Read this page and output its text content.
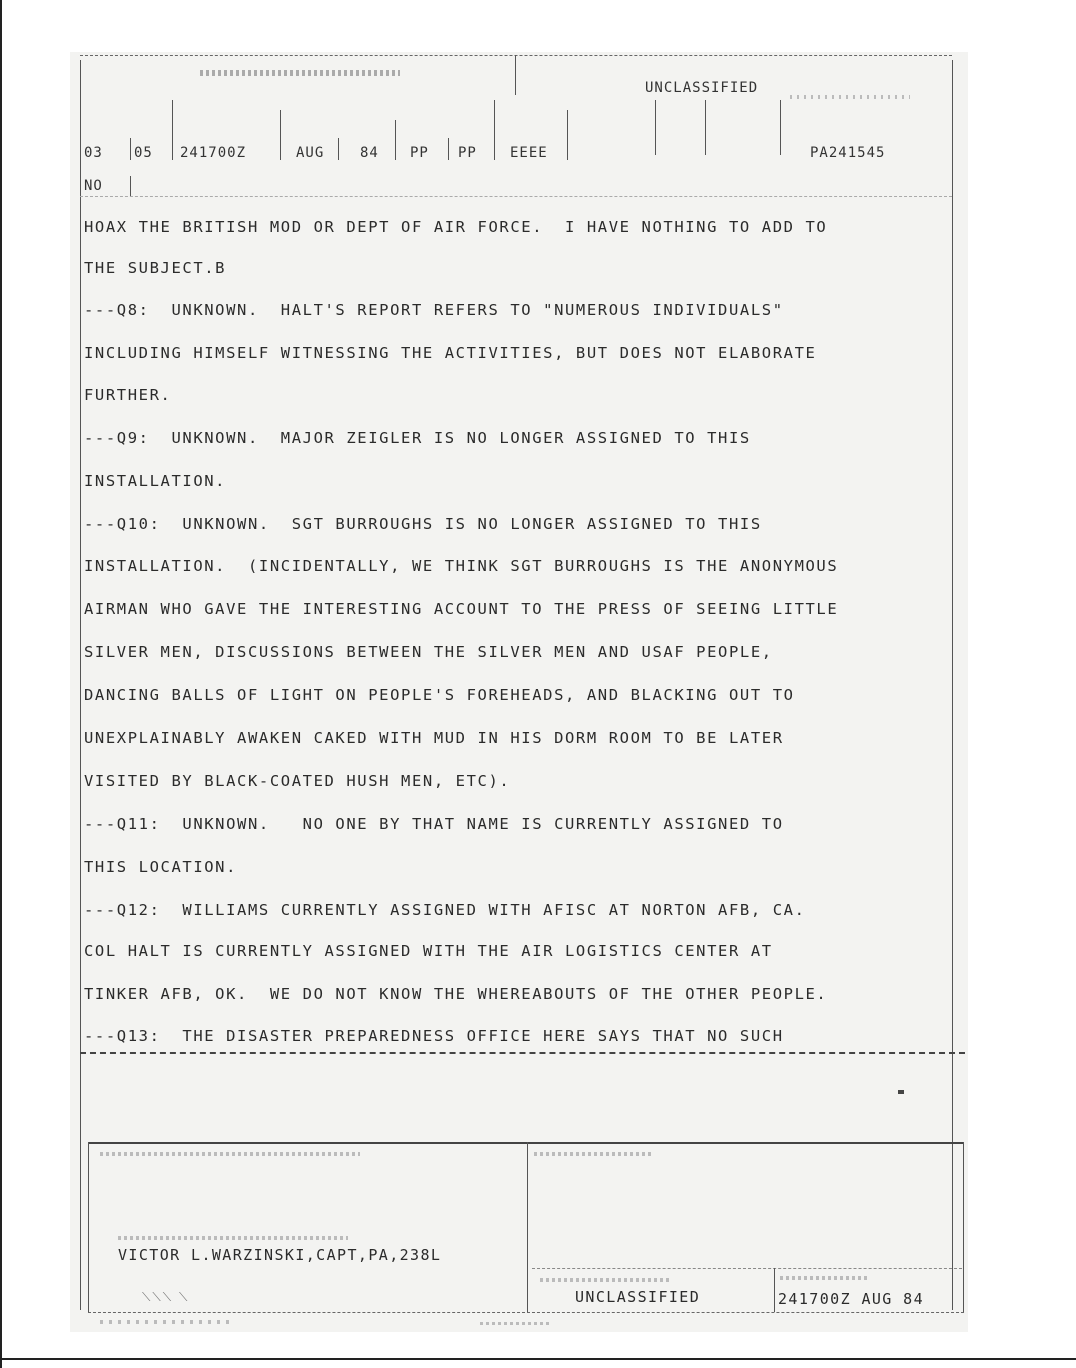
UNCLASSIFIED
03 05 241700Z	AUG	84 PP PP EEEE	PA241545
NO
HOAX THE BRITISH MOD OR DEPT OF AIR FORCE.  I HAVE NOTHING TO ADD TO
THE SUBJECT.B
---Q8:  UNKNOWN.  HALT'S REPORT REFERS TO "NUMEROUS INDIVIDUALS"
INCLUDING HIMSELF WITNESSING THE ACTIVITIES, BUT DOES NOT ELABORATE
FURTHER.
---Q9:  UNKNOWN.  MAJOR ZEIGLER IS NO LONGER ASSIGNED TO THIS
INSTALLATION.
---Q10:  UNKNOWN.  SGT BURROUGHS IS NO LONGER ASSIGNED TO THIS
INSTALLATION.  (INCIDENTALLY, WE THINK SGT BURROUGHS IS THE ANONYMOUS
AIRMAN WHO GAVE THE INTERESTING ACCOUNT TO THE PRESS OF SEEING LITTLE
SILVER MEN, DISCUSSIONS BETWEEN THE SILVER MEN AND USAF PEOPLE,
DANCING BALLS OF LIGHT ON PEOPLE'S FOREHEADS, AND BLACKING OUT TO
UNEXPLAINABLY AWAKEN CAKED WITH MUD IN HIS DORM ROOM TO BE LATER
VISITED BY BLACK-COATED HUSH MEN, ETC).
---Q11:  UNKNOWN.   NO ONE BY THAT NAME IS CURRENTLY ASSIGNED TO
THIS LOCATION.
---Q12:  WILLIAMS CURRENTLY ASSIGNED WITH AFISC AT NORTON AFB, CA.
COL HALT IS CURRENTLY ASSIGNED WITH THE AIR LOGISTICS CENTER AT
TINKER AFB, OK.  WE DO NOT KNOW THE WHEREABOUTS OF THE OTHER PEOPLE.
---Q13:  THE DISASTER PREPAREDNESS OFFICE HERE SAYS THAT NO SUCH
VICTOR L.WARZINSKI,CAPT,PA,238L
⟍⟍⟍ ⟍	UNCLASSIFIED	241700Z AUG 84
